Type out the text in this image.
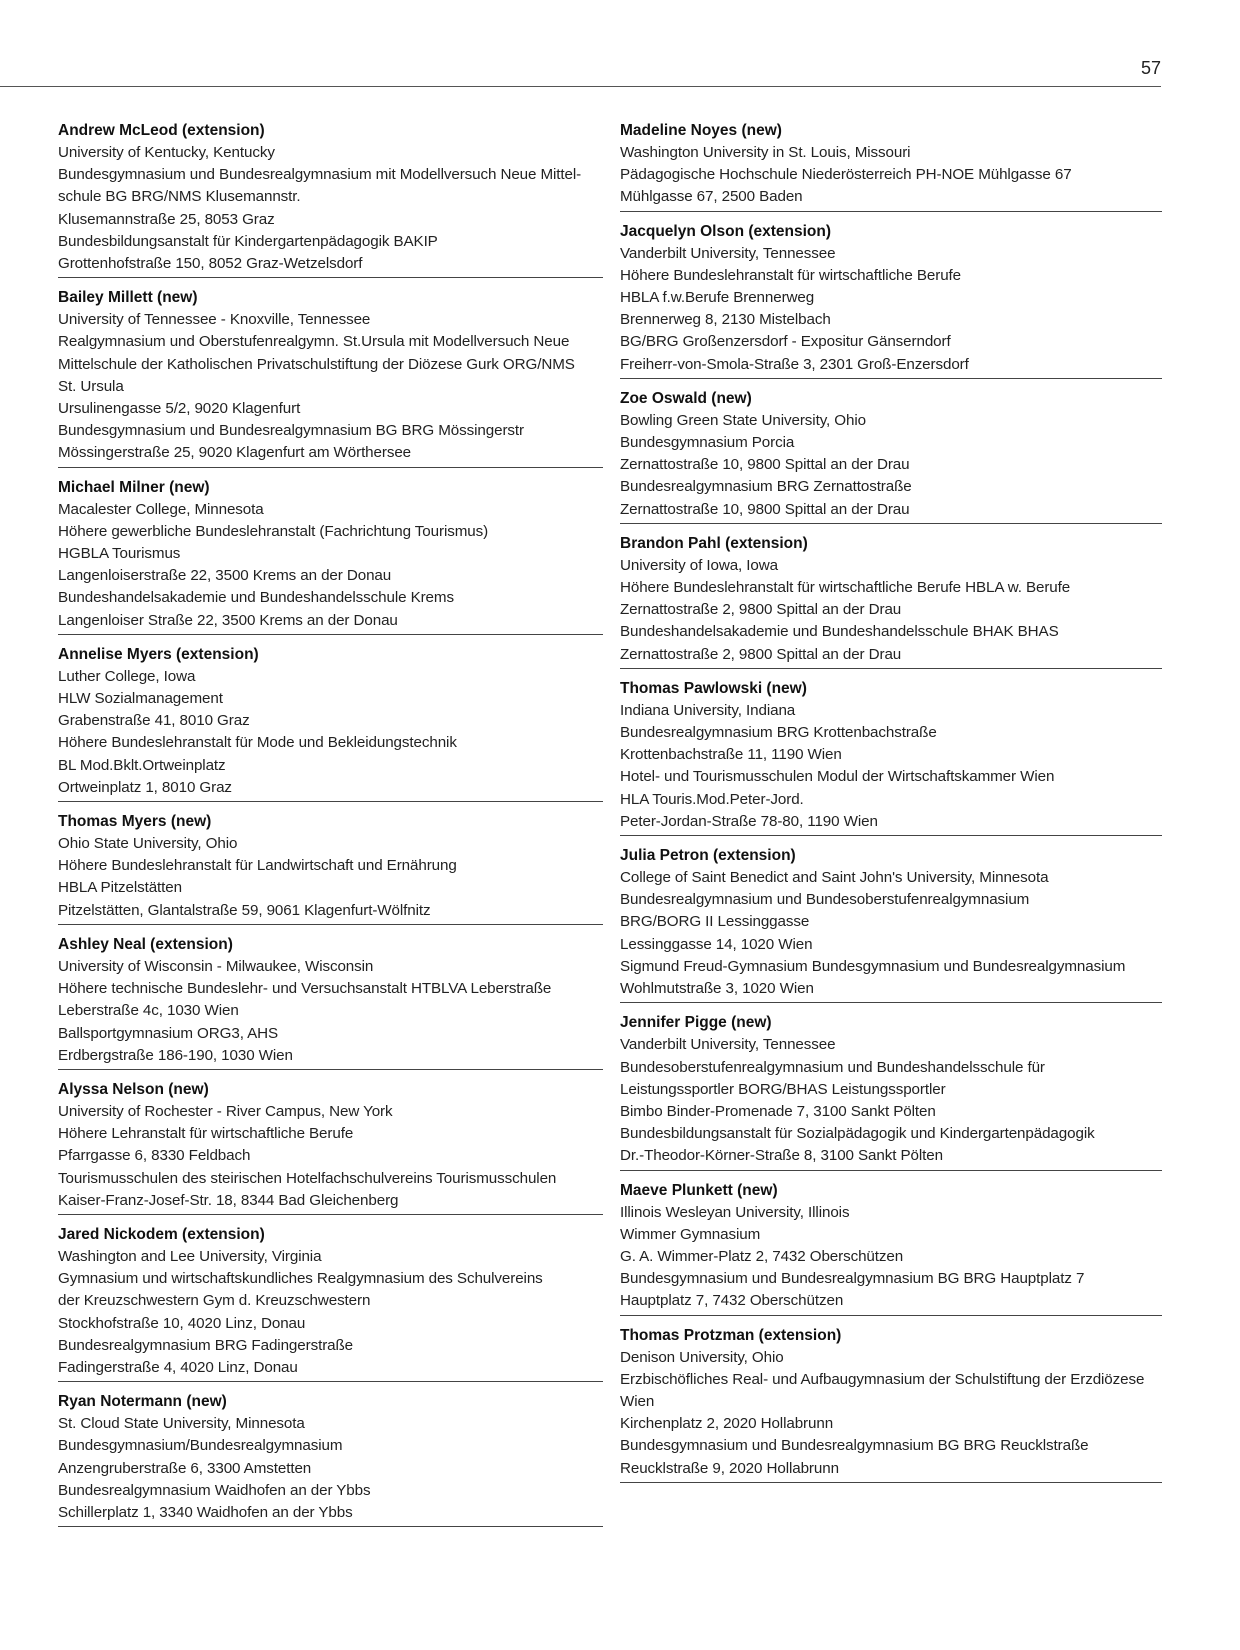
57
Andrew McLeod (extension)
University of Kentucky, Kentucky
Bundesgymnasium und Bundesrealgymnasium mit Modellversuch Neue Mittel-
schule BG BRG/NMS Klusemannstr.
Klusemannstraße 25, 8053 Graz
Bundesbildungsanstalt für Kindergartenpädagogik BAKIP
Grottenhofstraße 150, 8052 Graz-Wetzelsdorf
Bailey Millett (new)
University of Tennessee - Knoxville, Tennessee
Realgymnasium und Oberstufenrealgymn. St.Ursula mit Modellversuch Neue
Mittelschule der Katholischen Privatschulstiftung der Diözese Gurk ORG/NMS
St. Ursula
Ursulinengasse 5/2, 9020 Klagenfurt
Bundesgymnasium und Bundesrealgymnasium BG BRG Mössingerstr
Mössingerstraße 25, 9020 Klagenfurt am Wörthersee
Michael Milner (new)
Macalester College, Minnesota
Höhere gewerbliche Bundeslehranstalt (Fachrichtung Tourismus)
HGBLA Tourismus
Langenloiserstraße 22, 3500 Krems an der Donau
Bundeshandelsakademie und Bundeshandelsschule Krems
Langenloiser Straße 22, 3500 Krems an der Donau
Annelise Myers (extension)
Luther College, Iowa
HLW Sozialmanagement
Grabenstraße 41, 8010 Graz
Höhere Bundeslehranstalt für Mode und Bekleidungstechnik
BL Mod.Bklt.Ortweinplatz
Ortweinplatz 1, 8010 Graz
Thomas Myers (new)
Ohio State University, Ohio
Höhere Bundeslehranstalt für Landwirtschaft und Ernährung
HBLA Pitzelstätten
Pitzelstätten, Glantalstraße 59, 9061 Klagenfurt-Wölfnitz
Ashley Neal (extension)
University of Wisconsin - Milwaukee, Wisconsin
Höhere technische Bundeslehr- und Versuchsanstalt HTBLVA Leberstraße
Leberstraße 4c, 1030 Wien
Ballsportgymnasium ORG3, AHS
Erdbergstraße 186-190, 1030 Wien
Alyssa Nelson (new)
University of Rochester - River Campus, New York
Höhere Lehranstalt für wirtschaftliche Berufe
Pfarrgasse 6, 8330 Feldbach
Tourismusschulen des steirischen Hotelfachschulvereins Tourismusschulen
Kaiser-Franz-Josef-Str. 18, 8344 Bad Gleichenberg
Jared Nickodem (extension)
Washington and Lee University, Virginia
Gymnasium und wirtschaftskundliches Realgymnasium des Schulvereins
der Kreuzschwestern Gym d. Kreuzschwestern
Stockhofstraße 10, 4020 Linz, Donau
Bundesrealgymnasium BRG Fadingerstraße
Fadingerstraße 4, 4020 Linz, Donau
Ryan Notermann (new)
St. Cloud State University, Minnesota
Bundesgymnasium/Bundesrealgymnasium
Anzengruberstraße 6, 3300 Amstetten
Bundesrealgymnasium Waidhofen an der Ybbs
Schillerplatz 1, 3340 Waidhofen an der Ybbs
Madeline Noyes (new)
Washington University in St. Louis, Missouri
Pädagogische Hochschule Niederösterreich PH-NOE Mühlgasse 67
Mühlgasse 67, 2500 Baden
Jacquelyn Olson (extension)
Vanderbilt University, Tennessee
Höhere Bundeslehranstalt für wirtschaftliche Berufe
HBLA f.w.Berufe Brennerweg
Brennerweg 8, 2130 Mistelbach
BG/BRG Großenzersdorf - Expositur Gänserndorf
Freiherr-von-Smola-Straße 3, 2301 Groß-Enzersdorf
Zoe Oswald (new)
Bowling Green State University, Ohio
Bundesgymnasium Porcia
Zernattostraße 10, 9800 Spittal an der Drau
Bundesrealgymnasium BRG Zernattostraße
Zernattostraße 10, 9800 Spittal an der Drau
Brandon Pahl (extension)
University of Iowa, Iowa
Höhere Bundeslehranstalt für wirtschaftliche Berufe HBLA w. Berufe
Zernattostraße 2, 9800 Spittal an der Drau
Bundeshandelsakademie und Bundeshandelsschule BHAK BHAS
Zernattostraße 2, 9800 Spittal an der Drau
Thomas Pawlowski (new)
Indiana University, Indiana
Bundesrealgymnasium BRG Krottenbachstraße
Krottenbachstraße 11, 1190 Wien
Hotel- und Tourismusschulen Modul der Wirtschaftskammer Wien
HLA Touris.Mod.Peter-Jord.
Peter-Jordan-Straße 78-80, 1190 Wien
Julia Petron (extension)
College of Saint Benedict and Saint John's University, Minnesota
Bundesrealgymnasium und Bundesoberstufenrealgymnasium
BRG/BORG II Lessinggasse
Lessinggasse 14, 1020 Wien
Sigmund Freud-Gymnasium Bundesgymnasium und Bundesrealgymnasium
Wohlmutstraße 3, 1020 Wien
Jennifer Pigge (new)
Vanderbilt University, Tennessee
Bundesoberstufenrealgymnasium und Bundeshandelsschule für
Leistungssportler BORG/BHAS Leistungssportler
Bimbo Binder-Promenade 7, 3100 Sankt Pölten
Bundesbildungsanstalt für Sozialpädagogik und Kindergartenpädagogik
Dr.-Theodor-Körner-Straße 8, 3100 Sankt Pölten
Maeve Plunkett (new)
Illinois Wesleyan University, Illinois
Wimmer Gymnasium
G. A. Wimmer-Platz 2, 7432 Oberschützen
Bundesgymnasium und Bundesrealgymnasium BG BRG Hauptplatz 7
Hauptplatz 7, 7432 Oberschützen
Thomas Protzman (extension)
Denison University, Ohio
Erzbischöfliches Real- und Aufbaugymnasium der Schulstiftung der Erzdiözese
Wien
Kirchenplatz 2, 2020 Hollabrunn
Bundesgymnasium und Bundesrealgymnasium BG BRG Reucklstraße
Reucklstraße 9, 2020 Hollabrunn
